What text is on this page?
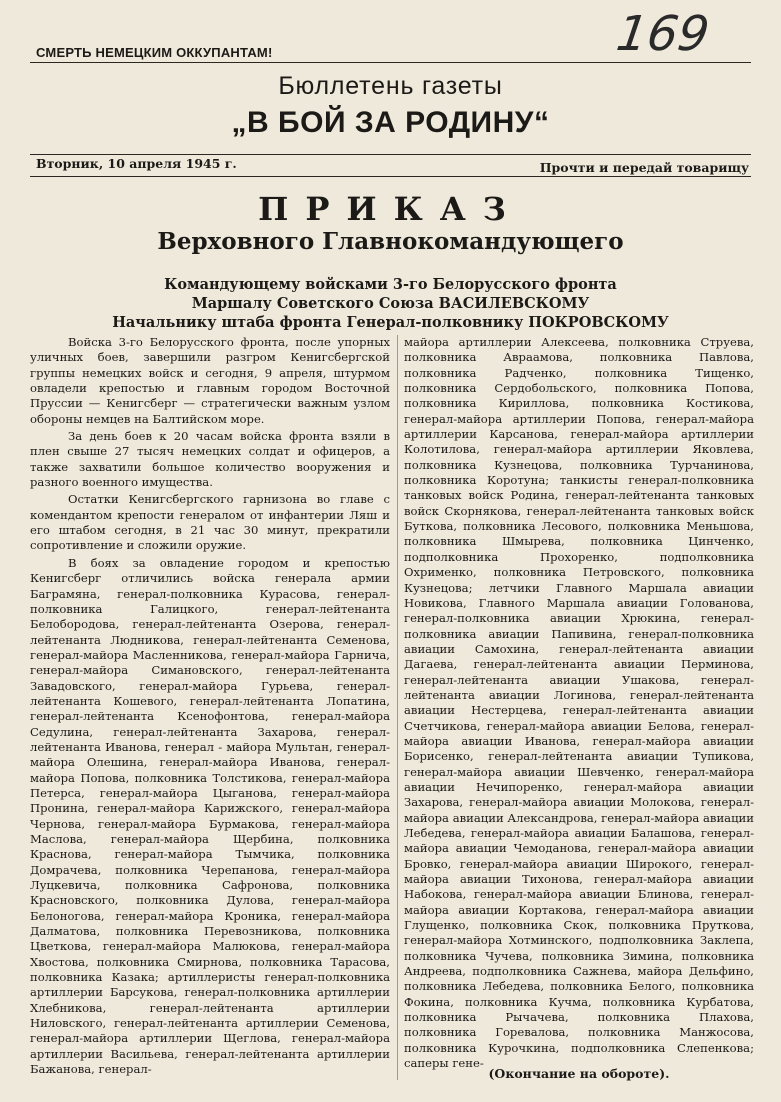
169
СМЕРТЬ НЕМЕЦКИМ ОККУПАНТАМ!
Бюллетень газеты
„В БОЙ ЗА РОДИНУ“
Вторник, 10 апреля 1945 г.	Прочти и передай товарищу
ПРИКАЗ
Верховного Главнокомандующего
Командующему войсками 3-го Белорусского фронта
Маршалу Советского Союза ВАСИЛЕВСКОМУ
Начальнику штаба фронта Генерал-полковнику ПОКРОВСКОМУ

Войска 3-го Белорусского фронта, после упорных уличных боев, завершили разгром Кенигсбергской группы немецких войск и сегодня, 9 апреля, штурмом овладели крепостью и главным городом Восточной Пруссии — Кенигсберг — стратегически важным узлом обороны немцев на Балтийском море.

За день боев к 20 часам войска фронта взяли в плен свыше 27 тысяч немецких солдат и офицеров, а также захватили большое количество вооружения и разного военного имущества.

Остатки Кенигсбергского гарнизона во главе с комендантом крепости генералом от инфантерии Ляш и его штабом сегодня, в 21 час 30 минут, прекратили сопротивление и сложили оружие.

В боях за овладение городом и крепостью Кенигсберг отличились войска генерала армии Баграмяна, генерал-полковника Курасова, генерал-полковника Галицкого, генерал-лейтенанта Белобородова, генерал-лейтенанта Озерова, генерал-лейтенанта Людникова, генерал-лейтенанта Семенова, генерал-майора Масленникова, генерал-майора Гарнича, генерал-майора Симановского, генерал-лейтенанта Завадовского, генерал-майора Гурьева, генерал-лейтенанта Кошевого, генерал-лейтенанта Лопатина, генерал-лейтенанта Ксенофонтова, генерал-майора Седулина, генерал-лейтенанта Захарова, генерал-лейтенанта Иванова, генерал - майора Мультан, генерал-майора Олешина, генерал-майора Иванова, генерал-майора Попова, полковника Толстикова, генерал-майора Петерса, генерал-майора Цыганова, генерал-майора Пронина, генерал-майора Карижского, генерал-майора Чернова, генерал-майора Бурмакова, генерал-майора Маслова, генерал-майора Щербина, полковника Краснова, генерал-майора Тымчика, полковника Домрачева, полковника Черепанова, генерал-майора Луцкевича, полковника Сафронова, полковника Красновского, полковника Дулова, генерал-майора Белоногова, генерал-майора Кроника, генерал-майора Далматова, полковника Перевозникова, полковника Цветкова, генерал-майора Малюкова, генерал-майора Хвостова, полковника Смирнова, полковника Тарасова, полковника Казака; артиллеристы генерал-полковника артиллерии Барсукова, генерал-полковника артиллерии Хлебникова, генерал-лейтенанта артиллерии Ниловского, генерал-лейтенанта артиллерии Семенова, генерал-майора артиллерии Щеглова, генерал-майора артиллерии Васильева, генерал-лейтенанта артиллерии Бажанова, генерал-

майора артиллерии Алексеева, полковника Струева, полковника Авраамова, полковника Павлова, полковника Радченко, полковника Тищенко, полковника Сердобольского, полковника Попова, полковника Кириллова, полковника Костикова, генерал-майора артиллерии Попова, генерал-майора артиллерии Карсанова, генерал-майора артиллерии Колотилова, генерал-майора артиллерии Яковлева, полковника Кузнецова, полковника Турчанинова, полковника Коротуна; танкисты генерал-полковника танковых войск Родина, генерал-лейтенанта танковых войск Скорнякова, генерал-лейтенанта танковых войск Буткова, полковника Лесового, полковника Меньшова, полковника Шмырева, полковника Цинченко, подполковника Прохоренко, подполковника Охрименко, полковника Петровского, полковника Кузнецова; летчики Главного Маршала авиации Новикова, Главного Маршала авиации Голованова, генерал-полковника авиации Хрюкина, генерал-полковника авиации Папивина, генерал-полковника авиации Самохина, генерал-лейтенанта авиации Дагаева, генерал-лейтенанта авиации Перминова, генерал-лейтенанта авиации Ушакова, генерал-лейтенанта авиации Логинова, генерал-лейтенанта авиации Нестерцева, генерал-лейтенанта авиации Счетчикова, генерал-майора авиации Белова, генерал-майора авиации Иванова, генерал-майора авиации Борисенко, генерал-лейтенанта авиации Тупикова, генерал-майора авиации Шевченко, генерал-майора авиации Нечипоренко, генерал-майора авиации Захарова, генерал-майора авиации Молокова, генерал-майора авиации Александрова, генерал-майора авиации Лебедева, генерал-майора авиации Балашова, генерал-майора авиации Чемоданова, генерал-майора авиации Бровко, генерал-майора авиации Широкого, генерал-майора авиации Тихонова, генерал-майора авиации Набокова, генерал-майора авиации Блинова, генерал-майора авиации Кортакова, генерал-майора авиации Глущенко, полковника Скок, полковника Пруткова, генерал-майора Хотминского, подполковника Заклепа, полковника Чучева, полковника Зимина, полковника Андреева, подполковника Сажнева, майора Дельфино, полковника Лебедева, полковника Белого, полковника Фокина, полковника Кучма, полковника Курбатова, полковника Рычачева, полковника Плахова, полковника Горевалова, полковника Манжосова, полковника Курочкина, подполковника Слепенкова; саперы гене-

(Окончание на обороте).
